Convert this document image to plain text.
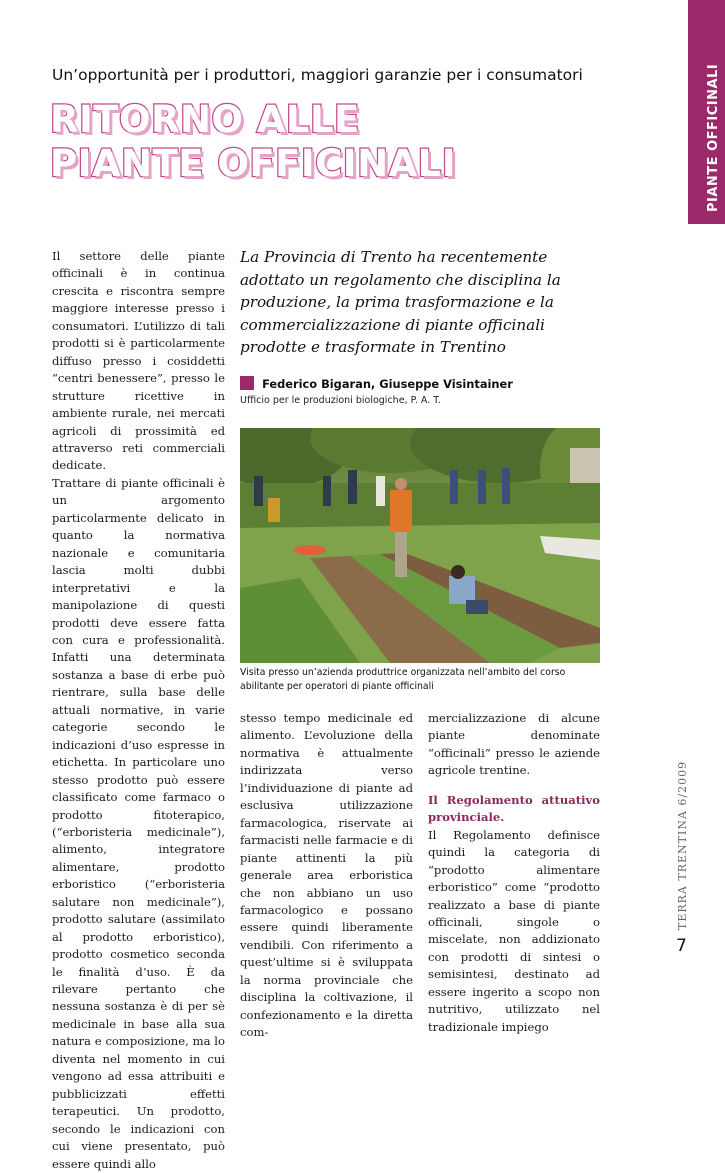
PIANTE OFFICINALI
Un’opportunità per i produttori, maggiori garanzie per i consumatori
RITORNO ALLE
PIANTE OFFICINALI

Il settore delle piante officinali è in continua crescita e riscontra sempre maggiore interesse presso i consumatori. L’utilizzo di tali prodotti si è particolarmente diffuso presso i cosiddetti “centri benessere”, presso le strutture ricettive in ambiente rurale, nei mercati agricoli di prossimità ed attraverso reti commerciali dedicate.

Trattare di piante officinali è un argomento particolarmente delicato in quanto la normativa nazionale e comunitaria lascia molti dubbi interpretativi e la manipolazione di questi prodotti deve essere fatta con cura e professionalità. Infatti una determinata sostanza a base di erbe può rientrare, sulla base delle attuali normative, in varie categorie secondo le indicazioni d’uso espresse in etichetta. In particolare uno stesso prodotto può essere classificato come farmaco o prodotto fitoterapico, (“erboristeria medicinale”), alimento, integratore alimentare, prodotto erboristico (“erboristeria salutare non medicinale”), prodotto salutare (assimilato al prodotto erboristico), prodotto cosmetico seconda le finalità d’uso. È da rilevare pertanto che nessuna sostanza è di per sè medicinale in base alla sua natura e composizione, ma lo diventa nel momento in cui vengono ad essa attribuiti e pubblicizzati effetti terapeutici. Un prodotto, secondo le indicazioni con cui viene presentato, può essere quindi allo

La Provincia di Trento ha recentemente adottato un regolamento che disciplina la produzione, la prima trasformazione e la commercializzazione di piante officinali prodotte e trasformate in Trentino
Federico Bigaran, Giuseppe Visintainer
Ufficio per le produzioni biologiche, P. A. T.
Visita presso un’azienda produttrice organizzata nell’ambito del corso abilitante per operatori di piante officinali

stesso tempo medicinale ed alimento. L’evoluzione della normativa è attualmente indirizzata verso l’individuazione di piante ad esclusiva utilizzazione farmacologica, riservate ai farmacisti nelle farmacie e di piante attinenti la più generale area erboristica che non abbiano un uso farmacologico e possano essere quindi liberamente vendibili. Con riferimento a quest’ultime si è sviluppata la norma provinciale che disciplina la coltivazione, il confezionamento e la diretta com-

mercializzazione di alcune piante denominate “officinali” presso le aziende agricole trentine.

Il Regolamento attuativo provinciale.

Il Regolamento definisce quindi la categoria di “prodotto alimentare erboristico” come “prodotto realizzato a base di piante officinali, singole o miscelate, non addizionato con prodotti di sintesi o semisintesi, destinato ad essere ingerito a scopo non nutritivo, utilizzato nel tradizionale impiego

TERRA TRENTINA 6/2009
7
